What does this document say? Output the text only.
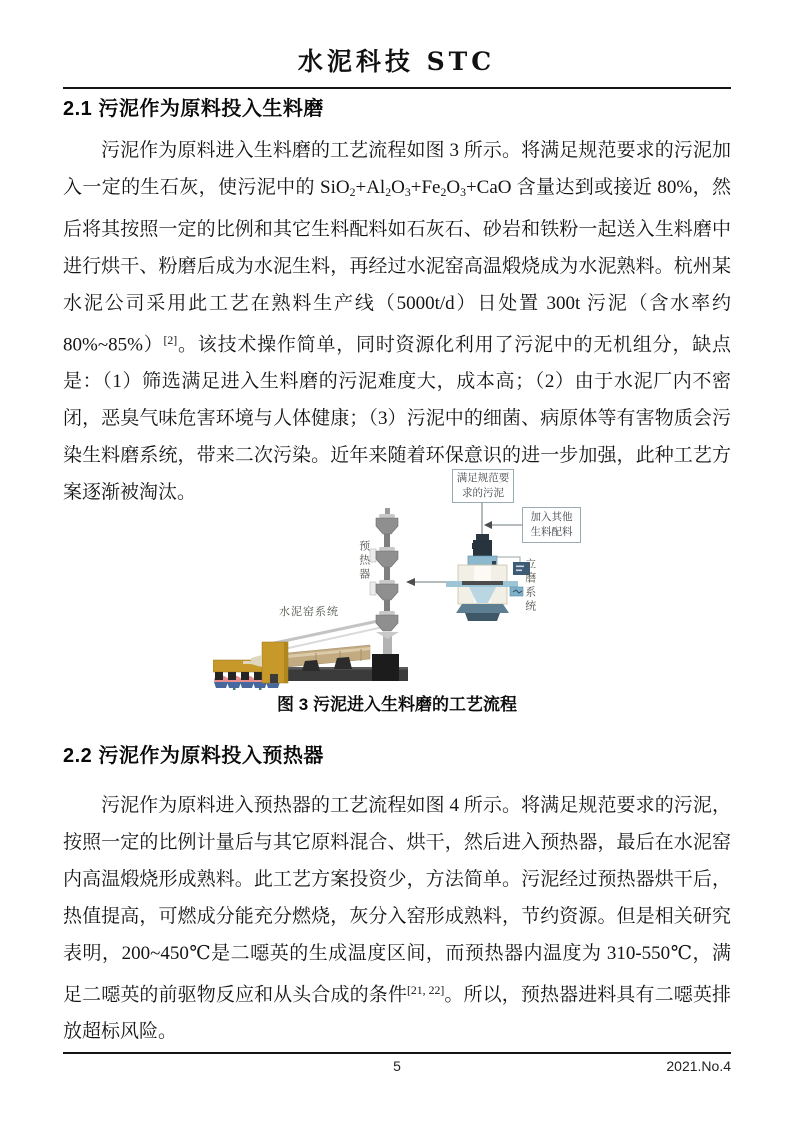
水泥科技 STC
2.1 污泥作为原料投入生料磨
污泥作为原料进入生料磨的工艺流程如图 3 所示。将满足规范要求的污泥加入一定的生石灰，使污泥中的 $SiO_2+Al_2O_3+Fe_2O_3+CaO$ 含量达到或接近 80%，然后将其按照一定的比例和其它生料配料如石灰石、砂岩和铁粉一起送入生料磨中进行烘干、粉磨后成为水泥生料，再经过水泥窑高温煅烧成为水泥熟料。杭州某水泥公司采用此工艺在熟料生产线（5000t/d）日处置 300t 污泥（含水率约 80%~85%）[2]。该技术操作简单，同时资源化利用了污泥中的无机组分，缺点是：（1）筛选满足进入生料磨的污泥难度大，成本高；（2）由于水泥厂内不密闭，恶臭气味危害环境与人体健康；（3）污泥中的细菌、病原体等有害物质会污染生料磨系统，带来二次污染。近年来随着环保意识的进一步加强，此种工艺方案逐渐被淘汰。
满足规范要求的污泥
加入其他生料配料
预热器	立磨系统
水泥窑系统
图 3 污泥进入生料磨的工艺流程
2.2 污泥作为原料投入预热器
污泥作为原料进入预热器的工艺流程如图 4 所示。将满足规范要求的污泥，按照一定的比例计量后与其它原料混合、烘干，然后进入预热器，最后在水泥窑内高温煅烧形成熟料。此工艺方案投资少，方法简单。污泥经过预热器烘干后，热值提高，可燃成分能充分燃烧，灰分入窑形成熟料，节约资源。但是相关研究表明，200~450℃是二噁英的生成温度区间，而预热器内温度为 310-550℃，满足二噁英的前驱物反应和从头合成的条件[21, 22]。所以，预热器进料具有二噁英排放超标风险。
5	2021.No.4
